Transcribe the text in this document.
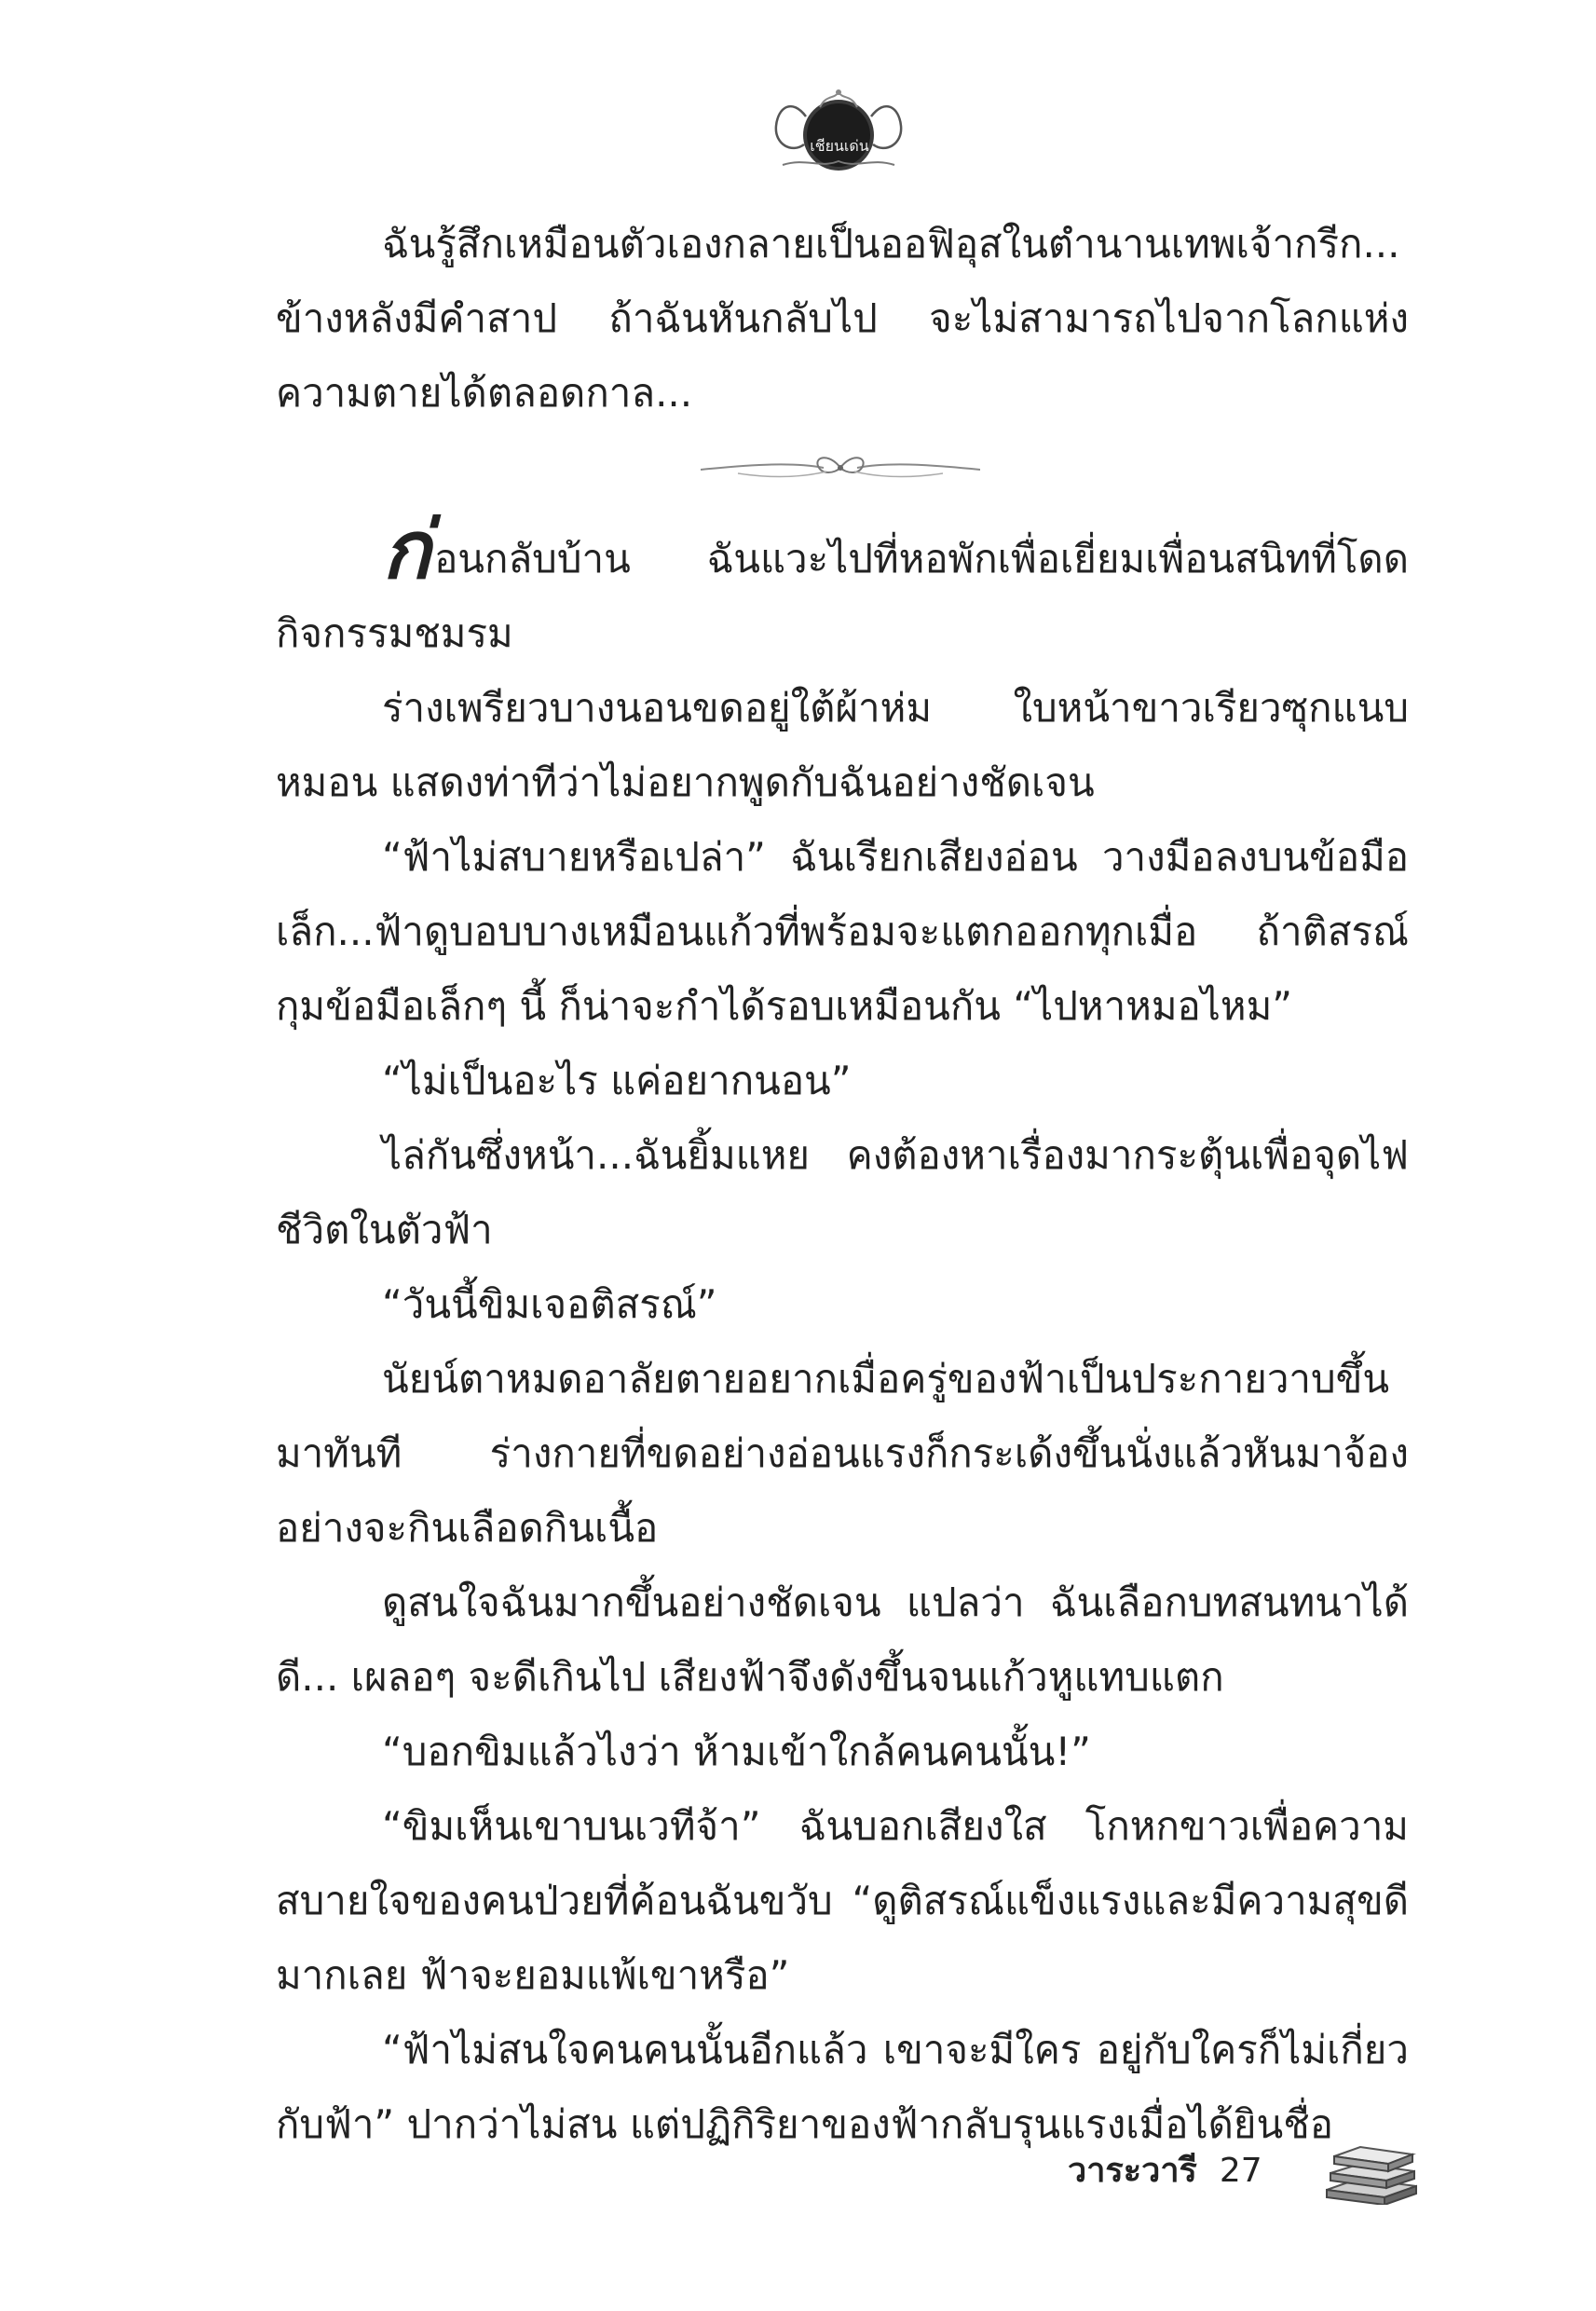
เชียนเด่น

ฉันรู้สึกเหมือนตัวเองกลายเป็นออฟิอุสในตำนานเทพเจ้ากรีก... ข้างหลังมีคำสาป ถ้าฉันหันกลับไป จะไม่สามารถไปจากโลกแห่งความตายได้ตลอดกาล...

ก่อนกลับบ้าน ฉันแวะไปที่หอพักเพื่อเยี่ยมเพื่อนสนิทที่โดดกิจกรรมชมรม

ร่างเพรียวบางนอนขดอยู่ใต้ผ้าห่ม ใบหน้าขาวเรียวซุกแนบหมอน แสดงท่าทีว่าไม่อยากพูดกับฉันอย่างชัดเจน

“ฟ้าไม่สบายหรือเปล่า” ฉันเรียกเสียงอ่อน วางมือลงบนข้อมือเล็ก...ฟ้าดูบอบบางเหมือนแก้วที่พร้อมจะแตกออกทุกเมื่อ ถ้าติสรณ์กุมข้อมือเล็กๆ นี้ ก็น่าจะกำได้รอบเหมือนกัน “ไปหาหมอไหม”

“ไม่เป็นอะไร แค่อยากนอน”

ไล่กันซึ่งหน้า...ฉันยิ้มแหย คงต้องหาเรื่องมากระตุ้นเพื่อจุดไฟชีวิตในตัวฟ้า

“วันนี้ขิมเจอติสรณ์”

นัยน์ตาหมดอาลัยตายอยากเมื่อครู่ของฟ้าเป็นประกายวาบขึ้นมาทันที ร่างกายที่ขดอย่างอ่อนแรงก็กระเด้งขึ้นนั่งแล้วหันมาจ้องอย่างจะกินเลือดกินเนื้อ

ดูสนใจฉันมากขึ้นอย่างชัดเจน แปลว่า ฉันเลือกบทสนทนาได้ดี... เผลอๆ จะดีเกินไป เสียงฟ้าจึงดังขึ้นจนแก้วหูแทบแตก

“บอกขิมแล้วไงว่า ห้ามเข้าใกล้คนคนนั้น!”

“ขิมเห็นเขาบนเวทีจ้า” ฉันบอกเสียงใส โกหกขาวเพื่อความสบายใจของคนป่วยที่ค้อนฉันขวับ “ดูติสรณ์แข็งแรงและมีความสุขดีมากเลย ฟ้าจะยอมแพ้เขาหรือ”

“ฟ้าไม่สนใจคนคนนั้นอีกแล้ว เขาจะมีใคร อยู่กับใครก็ไม่เกี่ยวกับฟ้า” ปากว่าไม่สน แต่ปฏิกิริยาของฟ้ากลับรุนแรงเมื่อได้ยินชื่อ

วาระวารี 27
